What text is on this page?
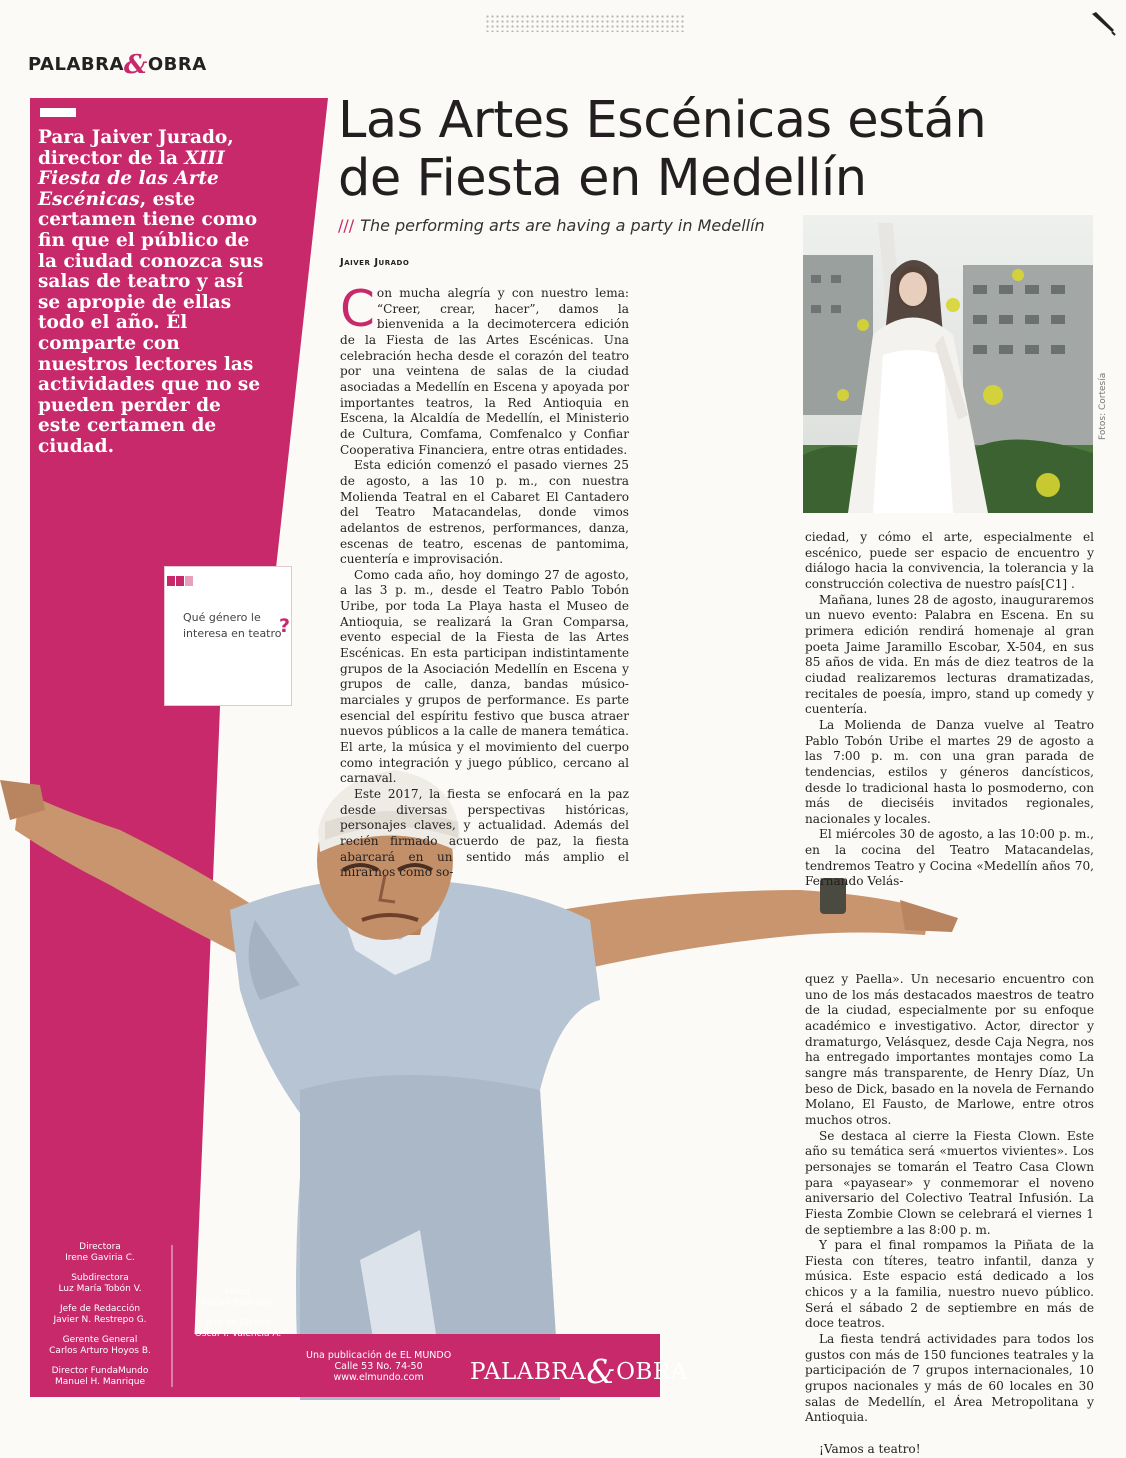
PALABRA&OBRA
Para Jaiver Jurado, director de la XIII Fiesta de las Arte Escénicas, este certamen tiene como fin que el público de la ciudad conozca sus salas de teatro y así se apropie de ellas todo el año. Él comparte con nuestros lectores las actividades que no se pueden perder de este certamen de ciudad.
¿
Qué género le
interesa en teatro
?
Las Artes Escénicas están
de Fiesta en Medellín
/// The performing arts are having a party in Medellín
Jaiver Jurado
Fotos: Cortesía

Con mucha alegría y con nuestro lema: “Creer, crear, hacer”, damos la bienvenida a la decimotercera edición de la Fiesta de las Artes Escénicas. Una celebración hecha desde el corazón del teatro por una veintena de salas de la ciudad asociadas a Medellín en Escena y apoyada por importantes teatros, la Red Antioquia en Escena, la Alcaldía de Medellín, el Ministerio de Cultura, Comfama, Comfenalco y Confiar Cooperativa Financiera, entre otras entidades.

Esta edición comenzó el pasado viernes 25 de agosto, a las 10 p. m., con nuestra Molienda Teatral en el Cabaret El Cantadero del Teatro Matacandelas, donde vimos adelantos de estrenos, performances, danza, escenas de teatro, escenas de pantomima, cuentería e improvisación.

Como cada año, hoy domingo 27 de agosto, a las 3 p. m., desde el Teatro Pablo Tobón Uribe, por toda La Playa hasta el Museo de Antioquia, se realizará la Gran Comparsa, evento especial de la Fiesta de las Artes Escénicas. En esta participan indistintamente grupos de la Asociación Medellín en Escena y grupos de calle, danza, bandas músico-marciales y grupos de performance. Es parte esencial del espíritu festivo que busca atraer nuevos públicos a la calle de manera temática. El arte, la música y el movimiento del cuerpo como integración y juego público, cercano al carnaval.

Este 2017, la fiesta se enfocará en la paz desde diversas perspectivas históricas, personajes claves, y actualidad. Además del recién firmado acuerdo de paz, la fiesta abarcará en un sentido más amplio el mirarnos como so-

ciedad, y cómo el arte, especialmente el escénico, puede ser espacio de encuentro y diálogo hacia la convivencia, la tolerancia y la construcción colectiva de nuestro país[C1] .

Mañana, lunes 28 de agosto, inauguraremos un nuevo evento: Palabra en Escena. En su primera edición rendirá homenaje al gran poeta Jaime Jaramillo Escobar, X-504, en sus 85 años de vida. En más de diez teatros de la ciudad realizaremos lecturas dramatizadas, recitales de poesía, impro, stand up comedy y cuentería.

La Molienda de Danza vuelve al Teatro Pablo Tobón Uribe el martes 29 de agosto a las 7:00 p. m. con una gran parada de tendencias, estilos y géneros dancísticos, desde lo tradicional hasta lo posmoderno, con más de dieciséis invitados regionales, nacionales y locales.

El miércoles 30 de agosto, a las 10:00 p. m., en la cocina del Teatro Matacandelas, tendremos Teatro y Cocina «Medellín años 70, Fernando Velás-

quez y Paella». Un necesario encuentro con uno de los más destacados maestros de teatro de la ciudad, especialmente por su enfoque académico e investigativo. Actor, director y dramaturgo, Velásquez, desde Caja Negra, nos ha entregado importantes montajes como La sangre más transparente, de Henry Díaz, Un beso de Dick, basado en la novela de Fernando Molano, El Fausto, de Marlowe, entre otros muchos otros.

Se destaca al cierre la Fiesta Clown. Este año su temática será «muertos vivientes». Los personajes se tomarán el Teatro Casa Clown para «payasear» y conmemorar el noveno aniversario del Colectivo Teatral Infusión. La Fiesta Zombie Clown se celebrará el viernes 1 de septiembre a las 8:00 p. m.

Y para el final rompamos la Piñata de la Fiesta con títeres, teatro infantil, danza y música. Este espacio está dedicado a los chicos y a la familia, nuestro nuevo público. Será el sábado 2 de septiembre en más de doce teatros.

La fiesta tendrá actividades para todos los gustos con más de 150 funciones teatrales y la participación de 7 grupos internacionales, 10 grupos nacionales y más de 60 locales en 30 salas de Medellín, el Área Metropolitana y Antioquia.

¡Vamos a teatro!

Directora
Irene Gaviria C.
Subdirectora
Luz María Tobón V.
Jefe de Redacción
Javier N. Restrepo G.
Gerente General
Carlos Arturo Hoyos B.
Director FundaMundo
Manuel H. Manrique
Editor
Adrian Buitrago.
Jefe de Diseño
Óscar I. Valencia A.
Una publicación de EL MUNDO
Calle 53 No. 74-50
www.elmundo.com	PALABRA&OBRA
